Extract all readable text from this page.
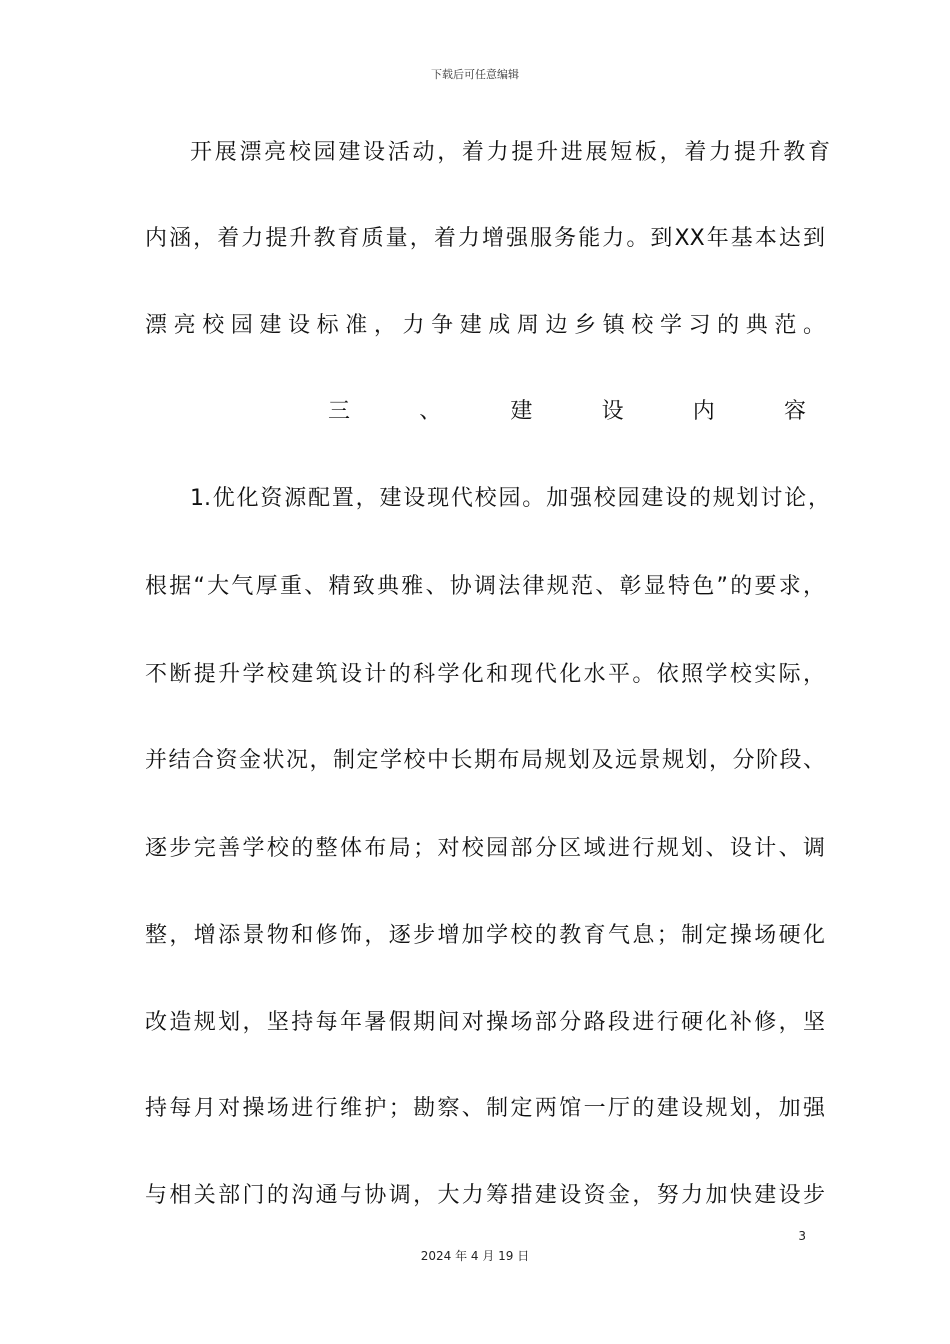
下载后可任意编辑
开展漂亮校园建设活动，着力提升进展短板，着力提升教育
内涵，着力提升教育质量，着力增强服务能力。到XX年基本达到
漂亮校园建设标准，力争建成周边乡镇校学习的典范。
三	、	建	设	内	容
1.优化资源配置，建设现代校园。加强校园建设的规划讨论，
根据“大气厚重、精致典雅、协调法律规范、彰显特色”的要求，
不断提升学校建筑设计的科学化和现代化水平。依照学校实际，
并结合资金状况，制定学校中长期布局规划及远景规划，分阶段、
逐步完善学校的整体布局；对校园部分区域进行规划、设计、调
整，增添景物和修饰，逐步增加学校的教育气息；制定操场硬化
改造规划，坚持每年暑假期间对操场部分路段进行硬化补修，坚
持每月对操场进行维护；勘察、制定两馆一厅的建设规划，加强
与相关部门的沟通与协调，大力筹措建设资金，努力加快建设步
3
2024 年 4 月 19 日
